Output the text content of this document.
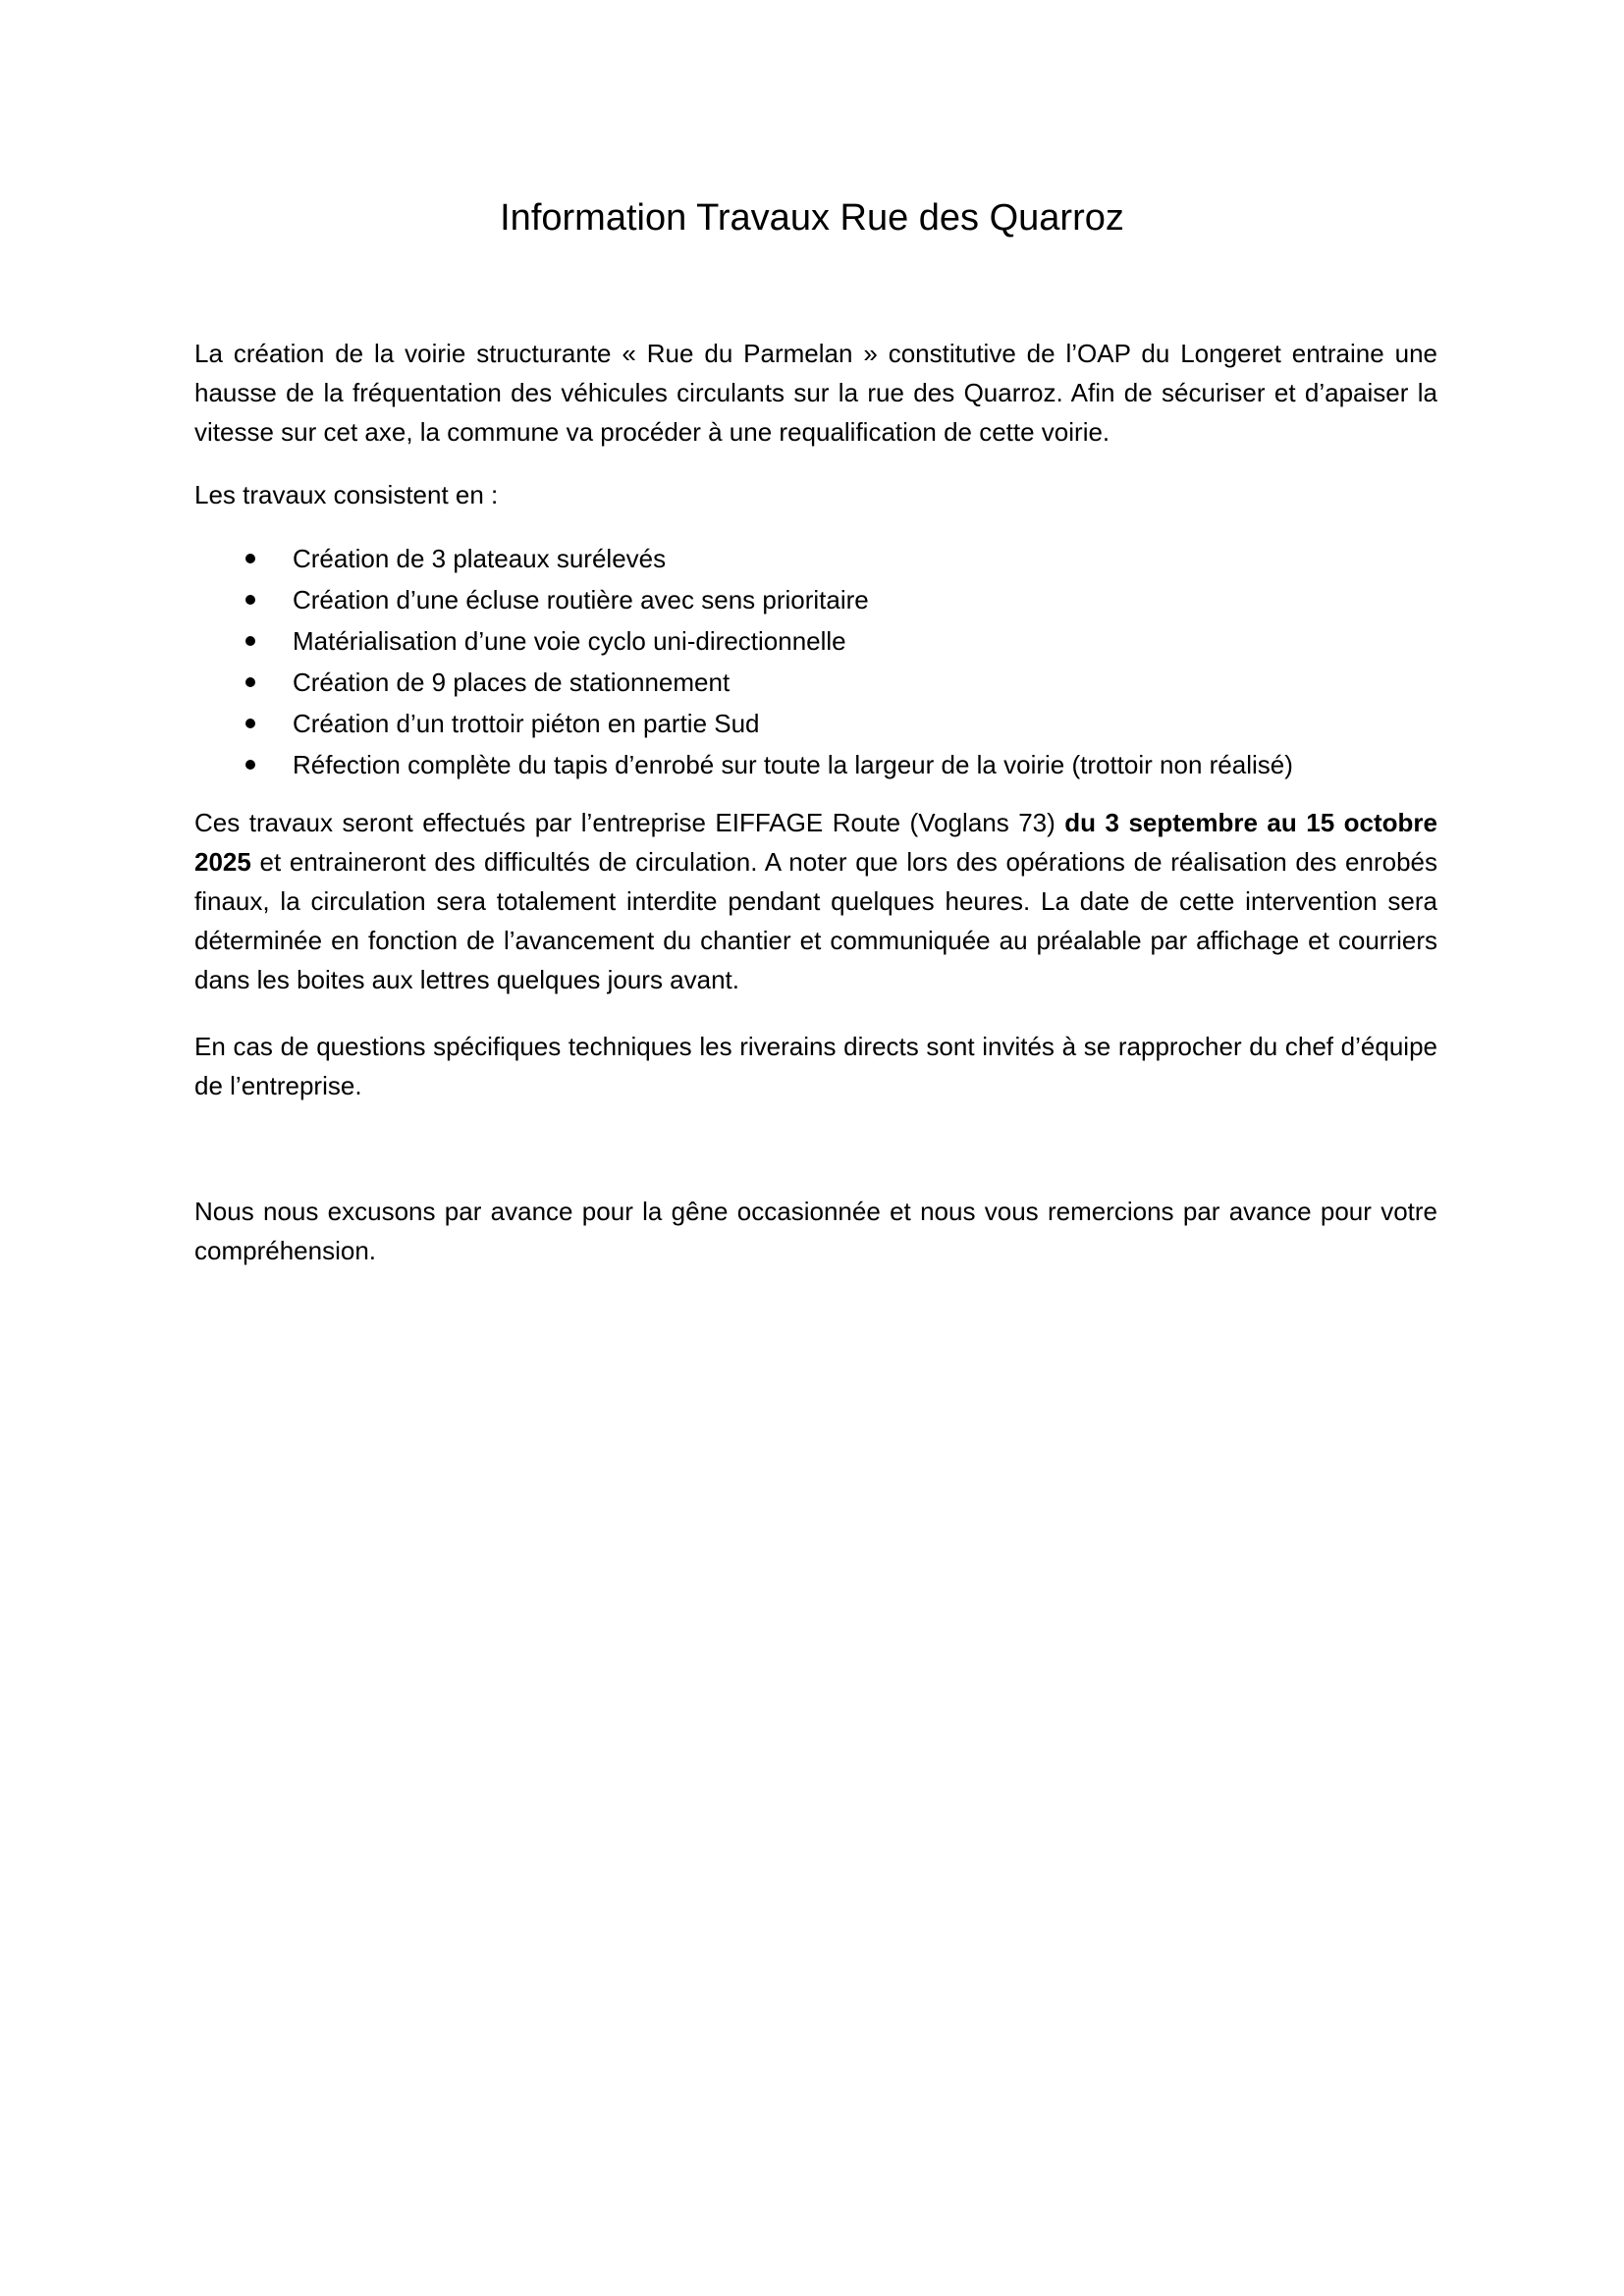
Information Travaux Rue des Quarroz

La création de la voirie structurante « Rue du Parmelan » constitutive de l’OAP du Longeret entraine une hausse de la fréquentation des véhicules circulants sur la rue des Quarroz. Afin de sécuriser et d’apaiser la vitesse sur cet axe, la commune va procéder à une requalification de cette voirie.

Les travaux consistent en :

Création de 3 plateaux surélevés
Création d’une écluse routière avec sens prioritaire
Matérialisation d’une voie cyclo uni-directionnelle
Création de 9 places de stationnement
Création d’un trottoir piéton en partie Sud
Réfection complète du tapis d’enrobé sur toute la largeur de la voirie (trottoir non réalisé)

Ces travaux seront effectués par l’entreprise EIFFAGE Route (Voglans 73) du 3 septembre au 15 octobre 2025 et entraineront des difficultés de circulation. A noter que lors des opérations de réalisation des enrobés finaux, la circulation sera totalement interdite pendant quelques heures. La date de cette intervention sera déterminée en fonction de l’avancement du chantier et communiquée au préalable par affichage et courriers dans les boites aux lettres quelques jours avant.

En cas de questions spécifiques techniques les riverains directs sont invités à se rapprocher du chef d’équipe de l’entreprise.

Nous nous excusons par avance pour la gêne occasionnée et nous vous remercions par avance pour votre compréhension.
